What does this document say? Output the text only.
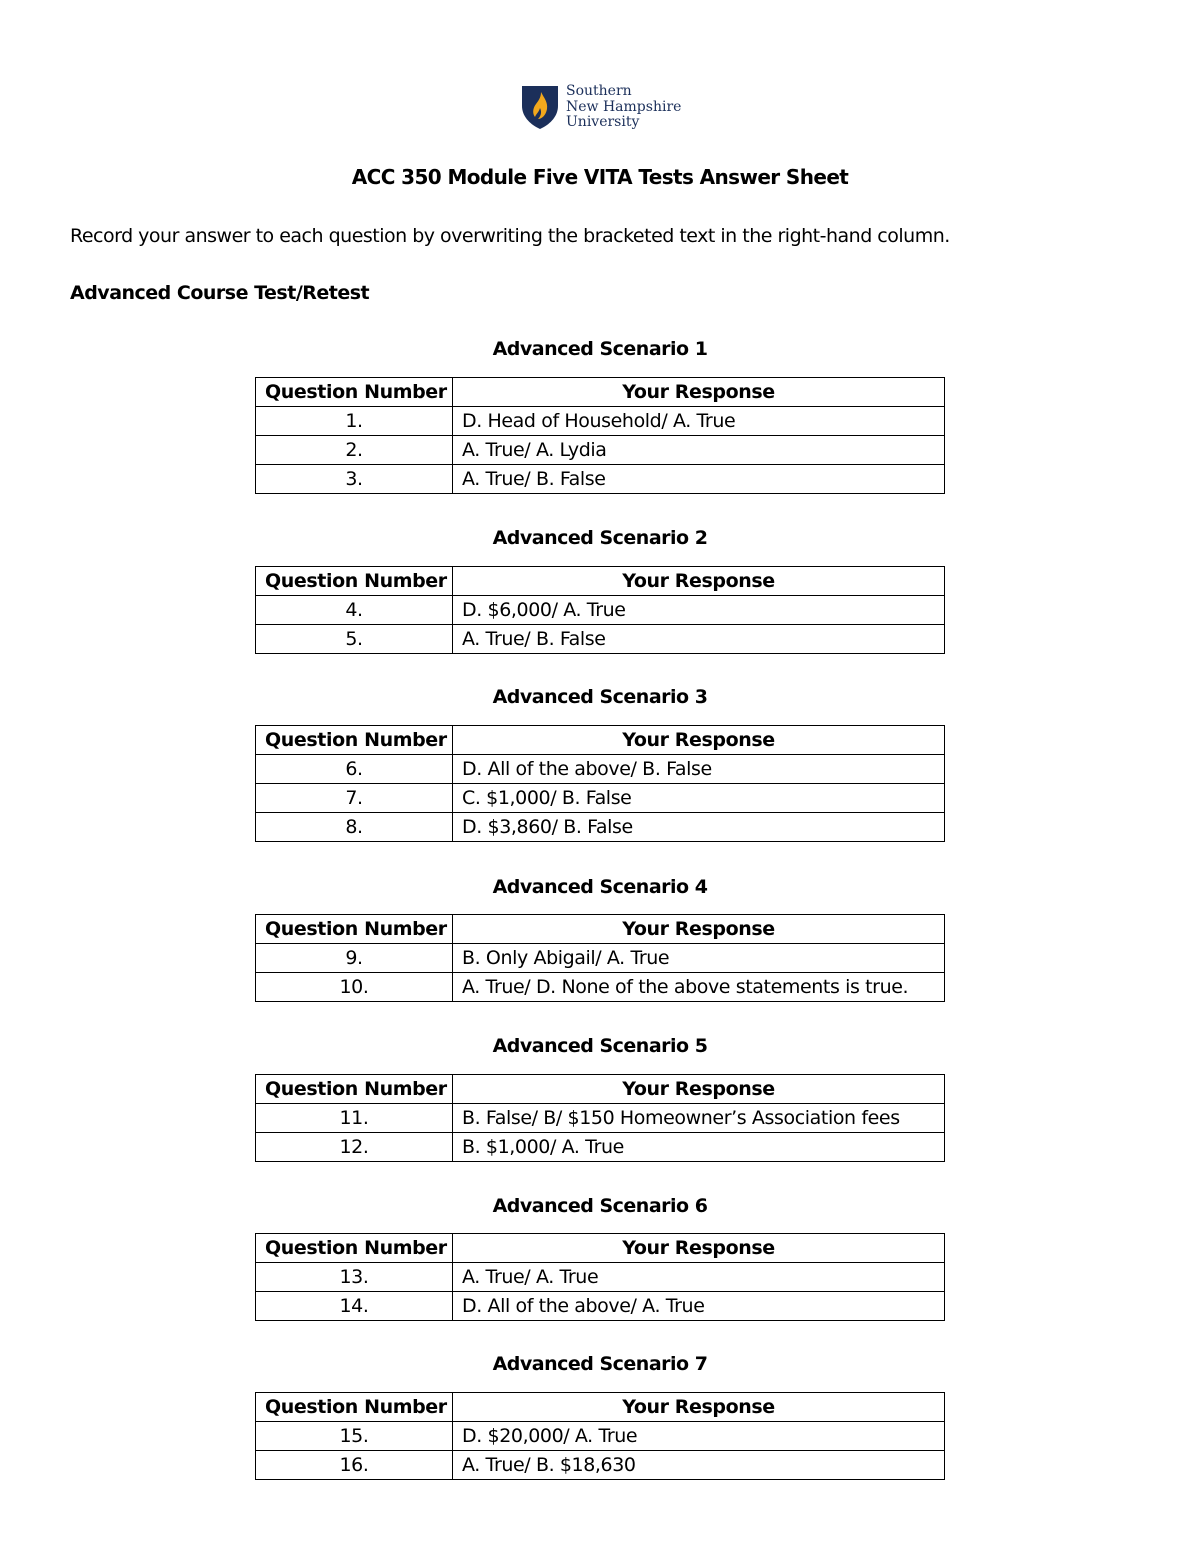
Southern
New Hampshire
University
ACC 350 Module Five VITA Tests Answer Sheet
Record your answer to each question by overwriting the bracketed text in the right-hand column.
Advanced Course Test/Retest
Advanced Scenario 1
Question Number	Your Response
1.	D. Head of Household/ A. True
2.	A. True/ A. Lydia
3.	A. True/ B. False
Advanced Scenario 2
Question Number	Your Response
4.	D. $6,000/ A. True
5.	A. True/ B. False
Advanced Scenario 3
Question Number	Your Response
6.	D. All of the above/ B. False
7.	C. $1,000/ B. False
8.	D. $3,860/ B. False
Advanced Scenario 4
Question Number	Your Response
9.	B. Only Abigail/ A. True
10.	A. True/ D. None of the above statements is true.
Advanced Scenario 5
Question Number	Your Response
11.	B. False/ B/ $150 Homeowner’s Association fees
12.	B. $1,000/ A. True
Advanced Scenario 6
Question Number	Your Response
13.	A. True/ A. True
14.	D. All of the above/ A. True
Advanced Scenario 7
Question Number	Your Response
15.	D. $20,000/ A. True
16.	A. True/ B. $18,630
